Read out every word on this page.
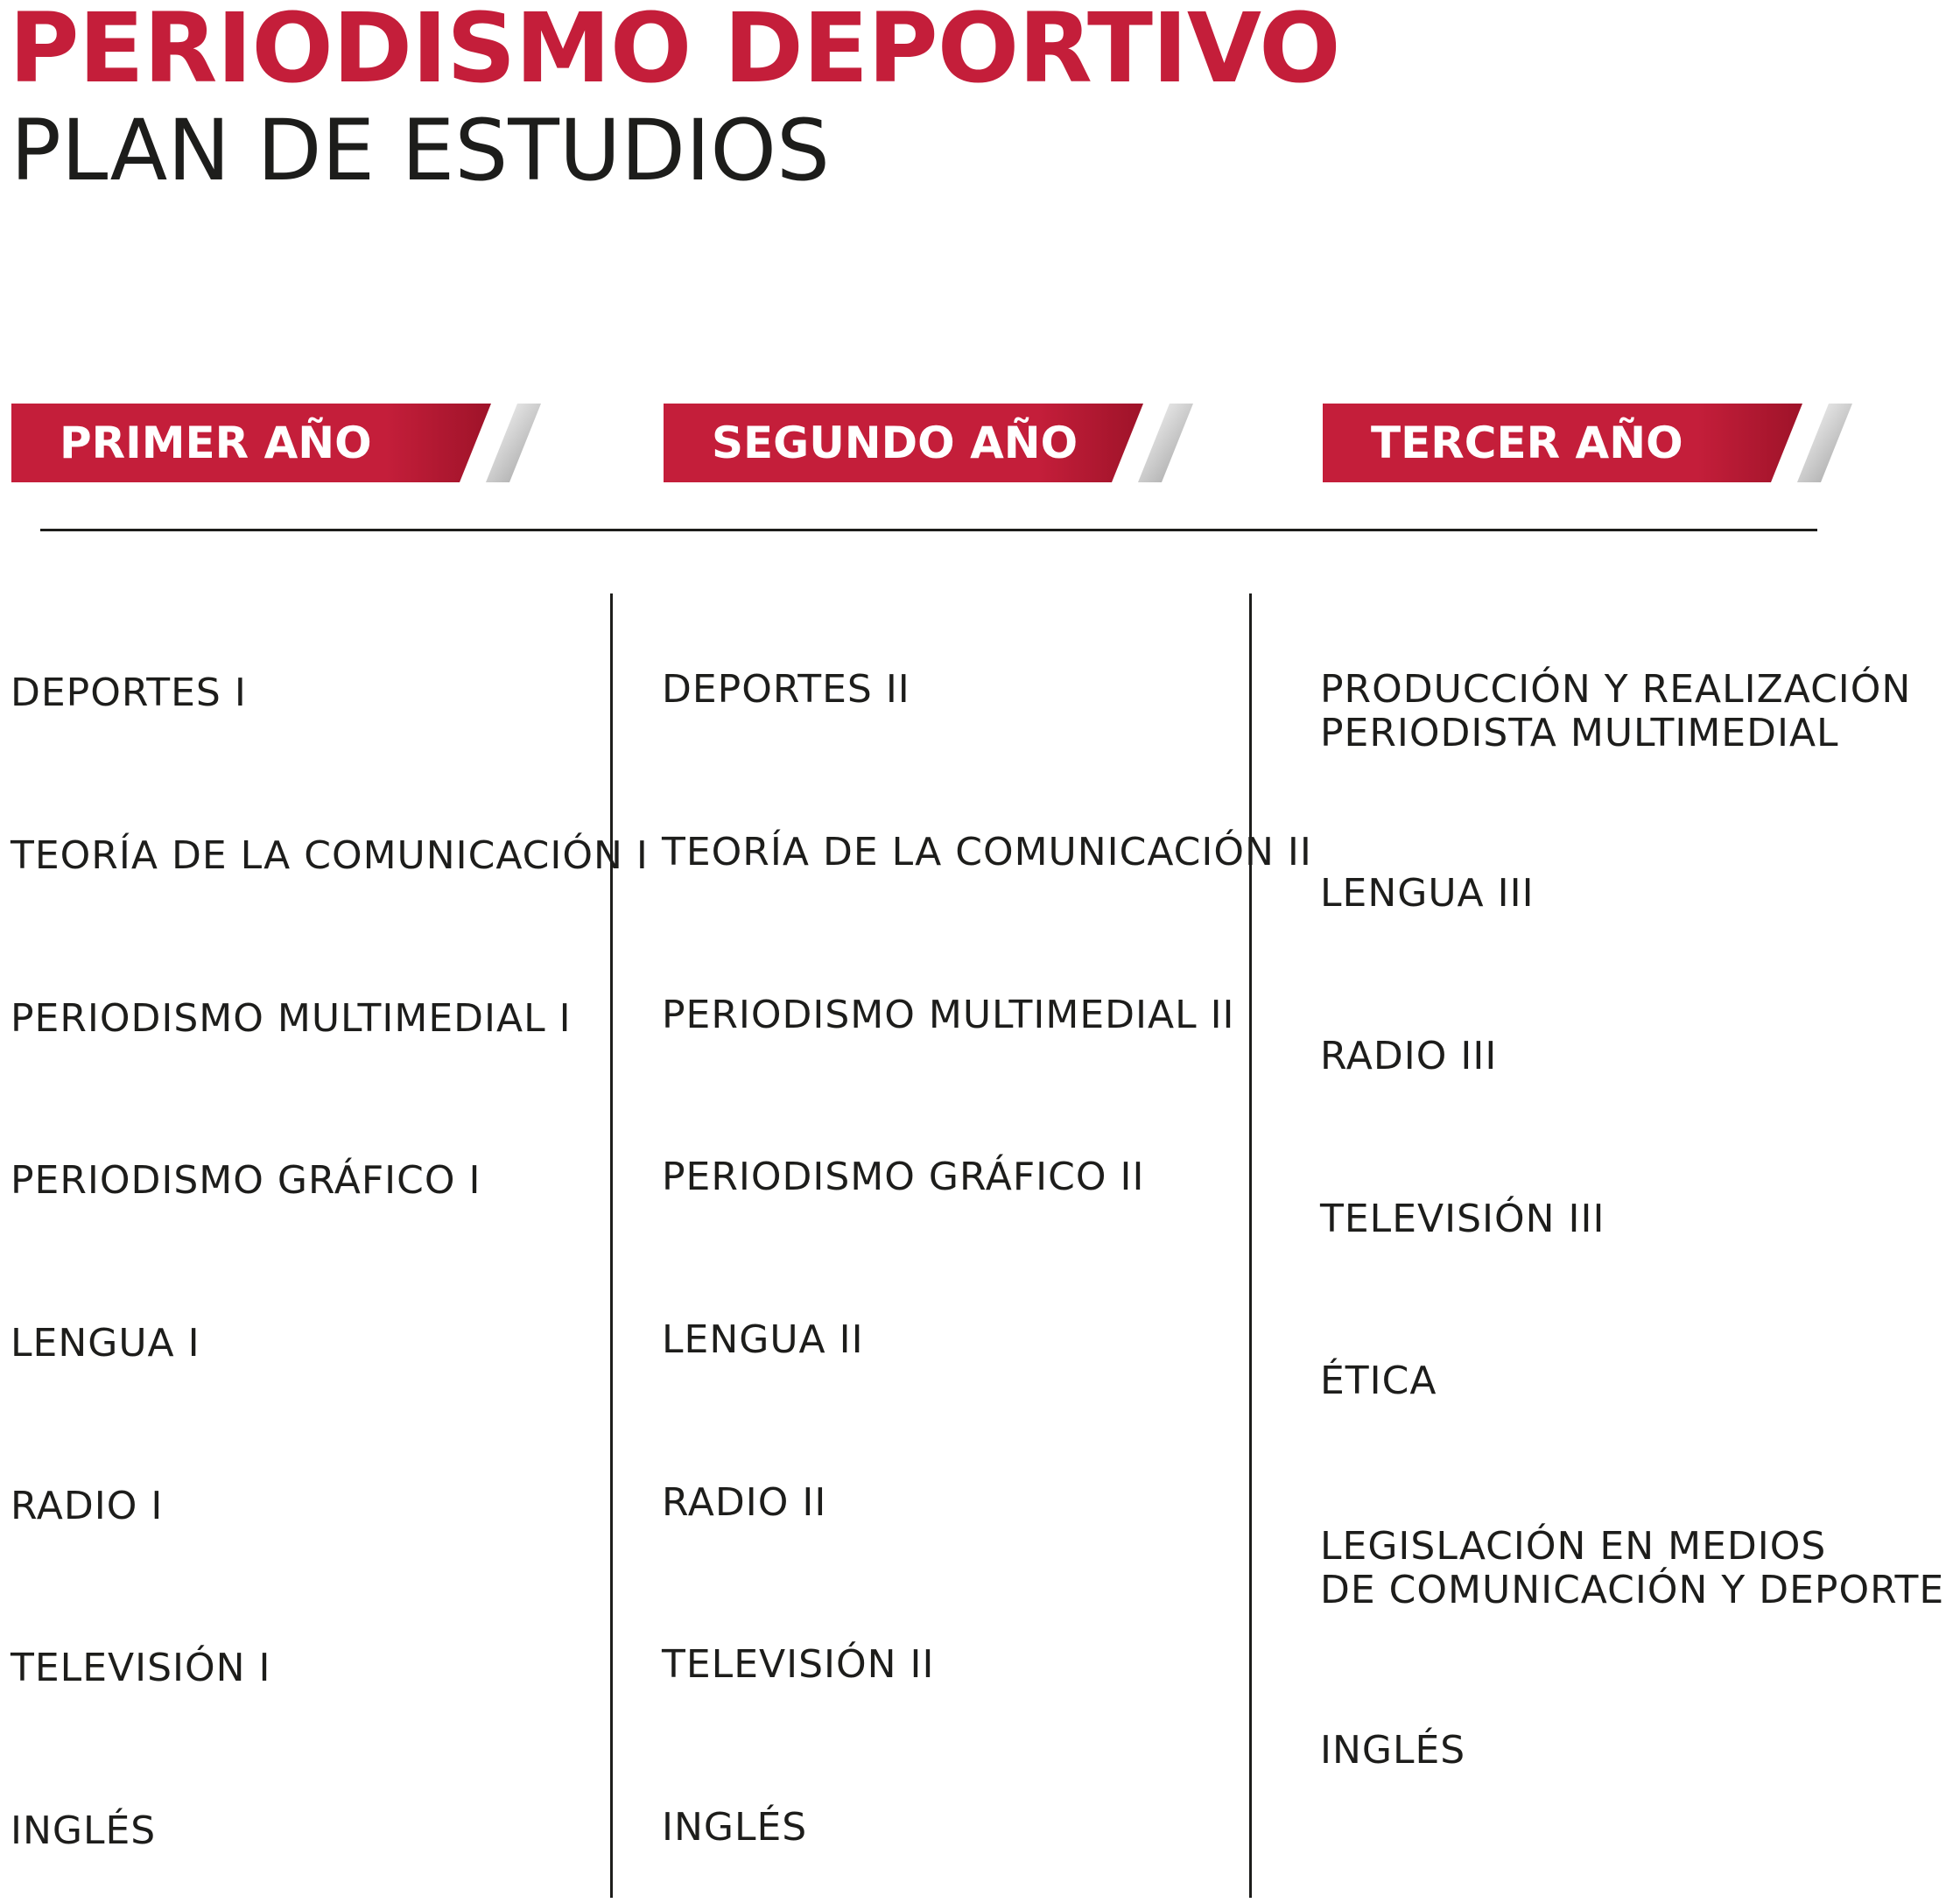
PERIODISMO DEPORTIVO
PLAN DE ESTUDIOS
PRIMER AÑO	SEGUNDO AÑO	TERCER AÑO

DEPORTES I

TEORÍA DE LA COMUNICACIÓN I

PERIODISMO MULTIMEDIAL I

PERIODISMO GRÁFICO I

LENGUA I

RADIO I

TELEVISIÓN I

INGLÉS

DEPORTES II

TEORÍA DE LA COMUNICACIÓN II

PERIODISMO MULTIMEDIAL II

PERIODISMO GRÁFICO II

LENGUA II

RADIO II

TELEVISIÓN II

INGLÉS

PRODUCCIÓN Y REALIZACIÓN
PERIODISTA MULTIMEDIAL

LENGUA III

RADIO III

TELEVISIÓN III

ÉTICA

LEGISLACIÓN EN MEDIOS
DE COMUNICACIÓN Y DEPORTE

INGLÉS
